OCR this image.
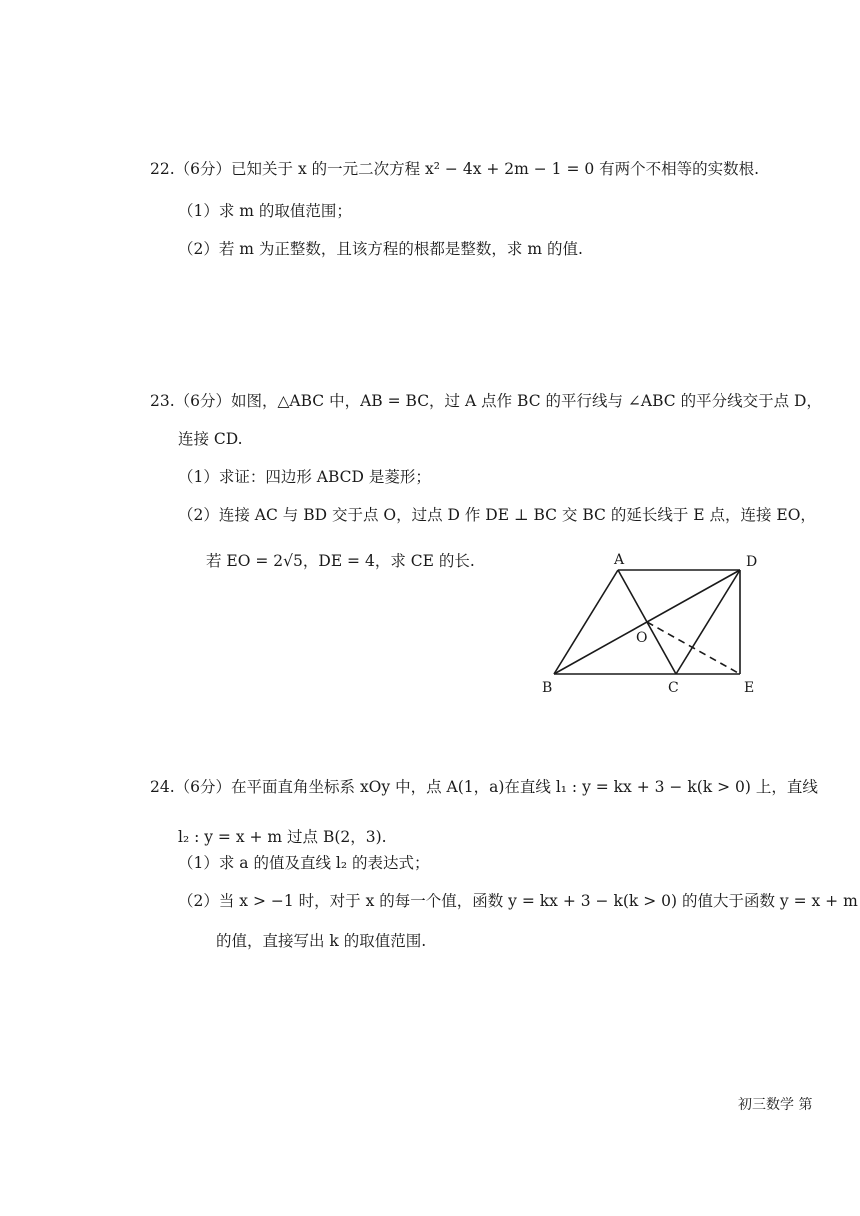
22.（6分）已知关于 x 的一元二次方程 x² − 4x + 2m − 1 = 0 有两个不相等的实数根.
（1）求 m 的取值范围；
（2）若 m 为正整数，且该方程的根都是整数，求 m 的值.
23.（6分）如图，△ABC 中，AB = BC，过 A 点作 BC 的平行线与 ∠ABC 的平分线交于点 D，
连接 CD.
（1）求证：四边形 ABCD 是菱形；
（2）连接 AC 与 BD 交于点 O，过点 D 作 DE ⊥ BC 交 BC 的延长线于 E 点，连接 EO，
若 EO = 2√5，DE = 4，求 CE 的长.	A	D
O
B	C	E
24.（6分）在平面直角坐标系 xOy 中，点 A(1，a)在直线 l₁ : y = kx + 3 − k(k > 0) 上，直线
l₂ : y = x + m 过点 B(2，3).
（1）求 a 的值及直线 l₂ 的表达式；
（2）当 x > −1 时，对于 x 的每一个值，函数 y = kx + 3 − k(k > 0) 的值大于函数 y = x + m
的值，直接写出 k 的取值范围.
初三数学 第
